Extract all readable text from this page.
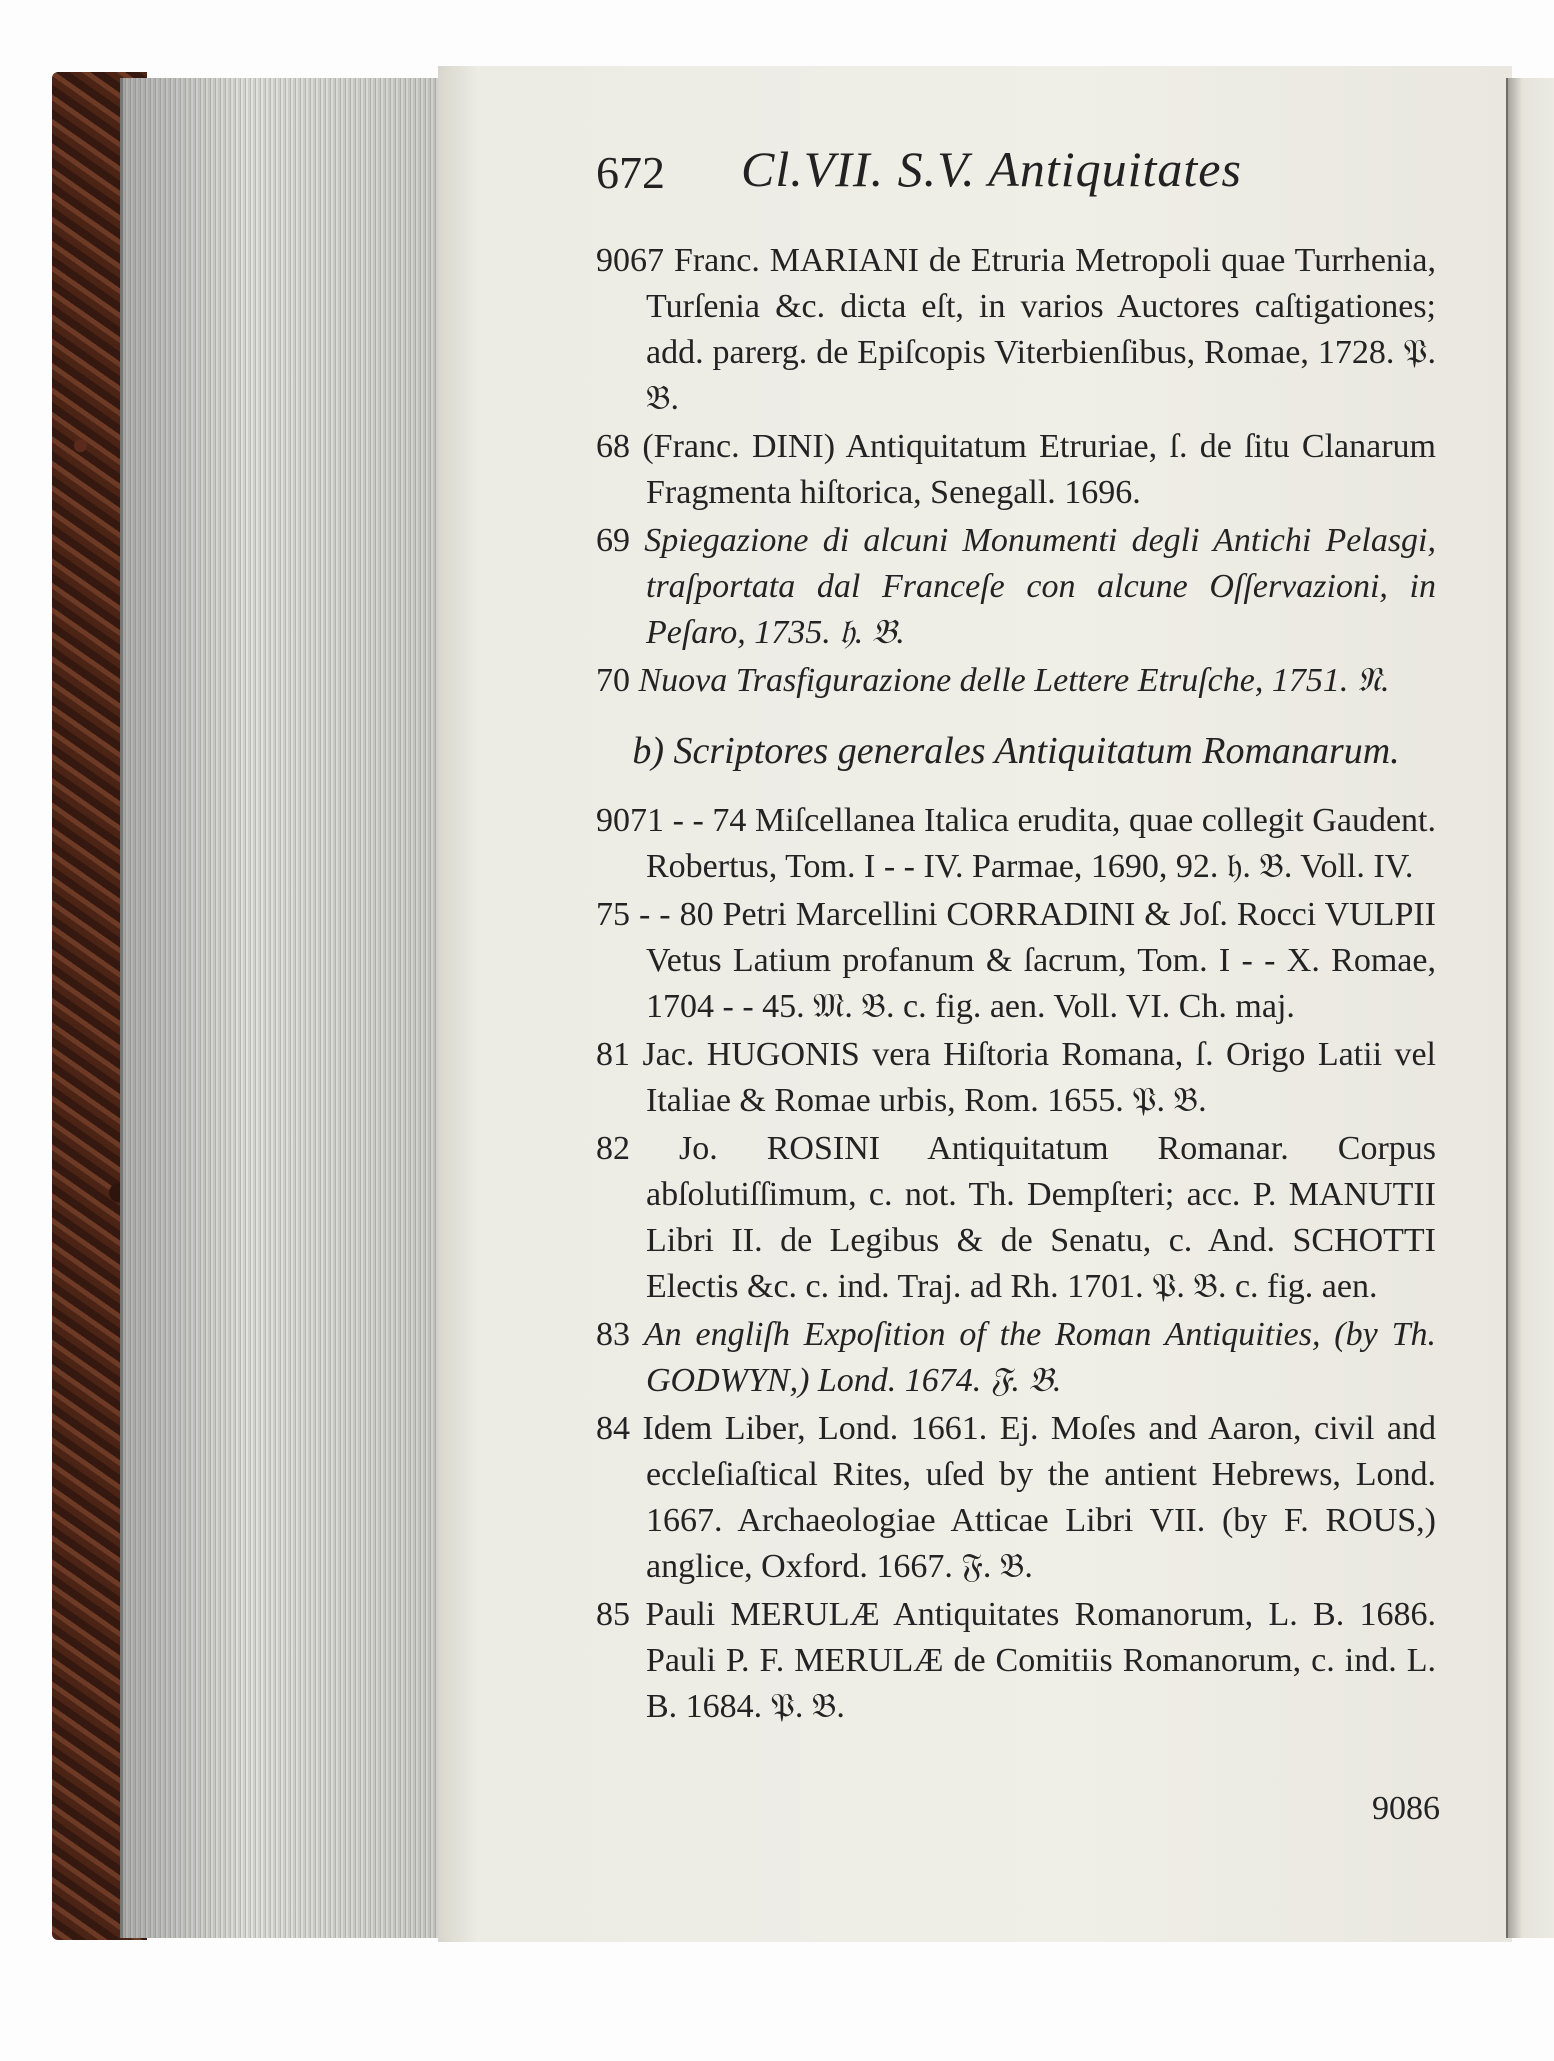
672 Cl.VII. S.V. Antiquitates
9067 Franc. MARIANI de Etruria Metropoli quae Turrhenia, Turſenia &c. dicta eſt, in varios Auctores caſtigationes; add. parerg. de Epiſcopis Viterbienſibus, Romae, 1728. 𝔓. 𝔅.
68 (Franc. DINI) Antiquitatum Etruriae, ſ. de ſitu Clanarum Fragmenta hiſtorica, Senegall. 1696.
69 Spiegazione di alcuni Monumenti degli Antichi Pelasgi, traſportata dal Franceſe con alcune Oſſervazioni, in Peſaro, 1735. 𝔥. 𝔅.
70 Nuova Trasfigurazione delle Lettere Etruſche, 1751. 𝔑.
b) Scriptores generales Antiquitatum Romanarum.
9071 - - 74 Miſcellanea Italica erudita, quae collegit Gaudent. Robertus, Tom. I - - IV. Parmae, 1690, 92. 𝔥. 𝔅. Voll. IV.
75 - - 80 Petri Marcellini CORRADINI & Joſ. Rocci VULPII Vetus Latium profanum & ſacrum, Tom. I - - X. Romae, 1704 - - 45. 𝔐. 𝔅. c. fig. aen. Voll. VI. Ch. maj.
81 Jac. HUGONIS vera Hiſtoria Romana, ſ. Origo Latii vel Italiae & Romae urbis, Rom. 1655. 𝔓. 𝔅.
82 Jo. ROSINI Antiquitatum Romanar. Corpus abſolutiſſimum, c. not. Th. Dempſteri; acc. P. MANUTII Libri II. de Legibus & de Senatu, c. And. SCHOTTI Electis &c. c. ind. Traj. ad Rh. 1701. 𝔓. 𝔅. c. fig. aen.
83 An engliſh Expoſition of the Roman Antiquities, (by Th. GODWYN,) Lond. 1674. 𝔉. 𝔅.
84 Idem Liber, Lond. 1661. Ej. Moſes and Aaron, civil and eccleſiaſtical Rites, uſed by the antient Hebrews, Lond. 1667. Archaeologiae Atticae Libri VII. (by F. ROUS,) anglice, Oxford. 1667. 𝔉. 𝔅.
85 Pauli MERULÆ Antiquitates Romanorum, L. B. 1686. Pauli P. F. MERULÆ de Comitiis Romanorum, c. ind. L. B. 1684. 𝔓. 𝔅.
9086
